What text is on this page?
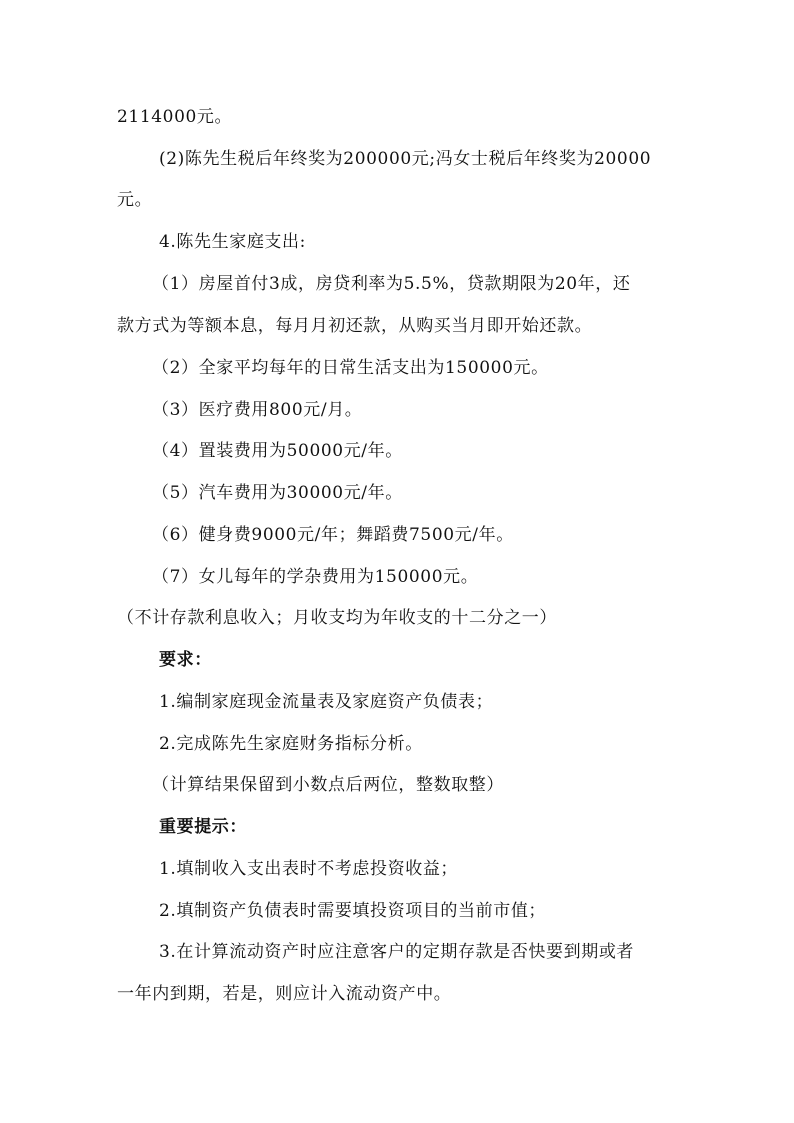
2114000元。
(2)陈先生税后年终奖为200000元;冯女士税后年终奖为20000
元。
4.陈先生家庭支出:
（1）房屋首付3成，房贷利率为5.5%，贷款期限为20年，还
款方式为等额本息，每月月初还款，从购买当月即开始还款。
（2）全家平均每年的日常生活支出为150000元。
（3）医疗费用800元/月。
（4）置装费用为50000元/年。
（5）汽车费用为30000元/年。
（6）健身费9000元/年；舞蹈费7500元/年。
（7）女儿每年的学杂费用为150000元。
（不计存款利息收入；月收支均为年收支的十二分之一）
要求：
1.编制家庭现金流量表及家庭资产负债表；
2.完成陈先生家庭财务指标分析。
（计算结果保留到小数点后两位，整数取整）
重要提示：
1.填制收入支出表时不考虑投资收益；
2.填制资产负债表时需要填投资项目的当前市值；
3.在计算流动资产时应注意客户的定期存款是否快要到期或者
一年内到期，若是，则应计入流动资产中。
